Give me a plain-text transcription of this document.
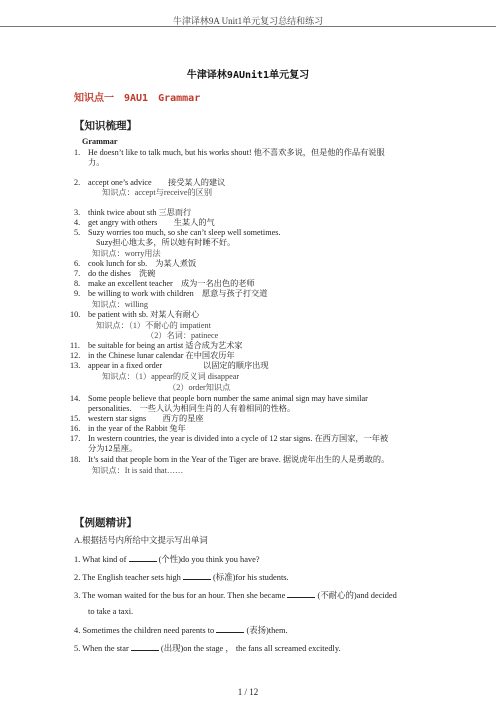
牛津译林9A Unit1单元复习总结和练习
牛津译林9AUnit1单元复习
知识点一　9AU1　Grammar
【知识梳理】
Grammar
1. He doesn’t like to talk much, but his works shout! 他不喜欢多说，但是他的作品有说服
力。
2. accept one’s advice　　接受某人的建议
知识点：accept与receive的区别
3. think twice about sth 三思而行
4. get angry with others　　生某人的气
5. Suzy worries too much, so she can’t sleep well sometimes.
Suzy担心地太多，所以她有时睡不好。
知识点：worry用法
6. cook lunch for sb.　为某人煮饭
7. do the dishes　洗碗
8. make an excellent teacher　成为一名出色的老师
9. be willing to work with children　愿意与孩子打交道
知识点：willing
10. be patient with sb. 对某人有耐心
知识点：（1）不耐心的 impatient
（2）名词：patinece
11. be suitable for being an artist 适合成为艺术家
12. in the Chinese lunar calendar 在中国农历年
13. appear in a fixed order　　　　　以固定的顺序出现
知识点：（1）appear的反义词 disappear
（2）order知识点
14. Some people believe that people born number the same animal sign may have similar
personalities.　一些人认为相同生肖的人有着相同的性格。
15. western star signs　　西方的星座
16. in the year of the Rabbit 兔年
17. In western countries, the year is divided into a cycle of 12 star signs. 在西方国家，一年被
分为12星座。
18. It’s said that people born in the Year of the Tiger are brave. 据说虎年出生的人是勇敢的。
知识点：It is said that……
【例题精讲】
A.根据括号内所给中文提示写出单词
1. What kind of	(个性)do you think you have?
2. The English teacher sets high	(标准)for his students.
3. The woman waited for the bus for an hour. Then she became	(不耐心的)and decided
to take a taxi.
4. Sometimes the children need parents to	(表扬)them.
5. When the star	(出现)on the stage ， the fans all screamed excitedly.
1 / 12
